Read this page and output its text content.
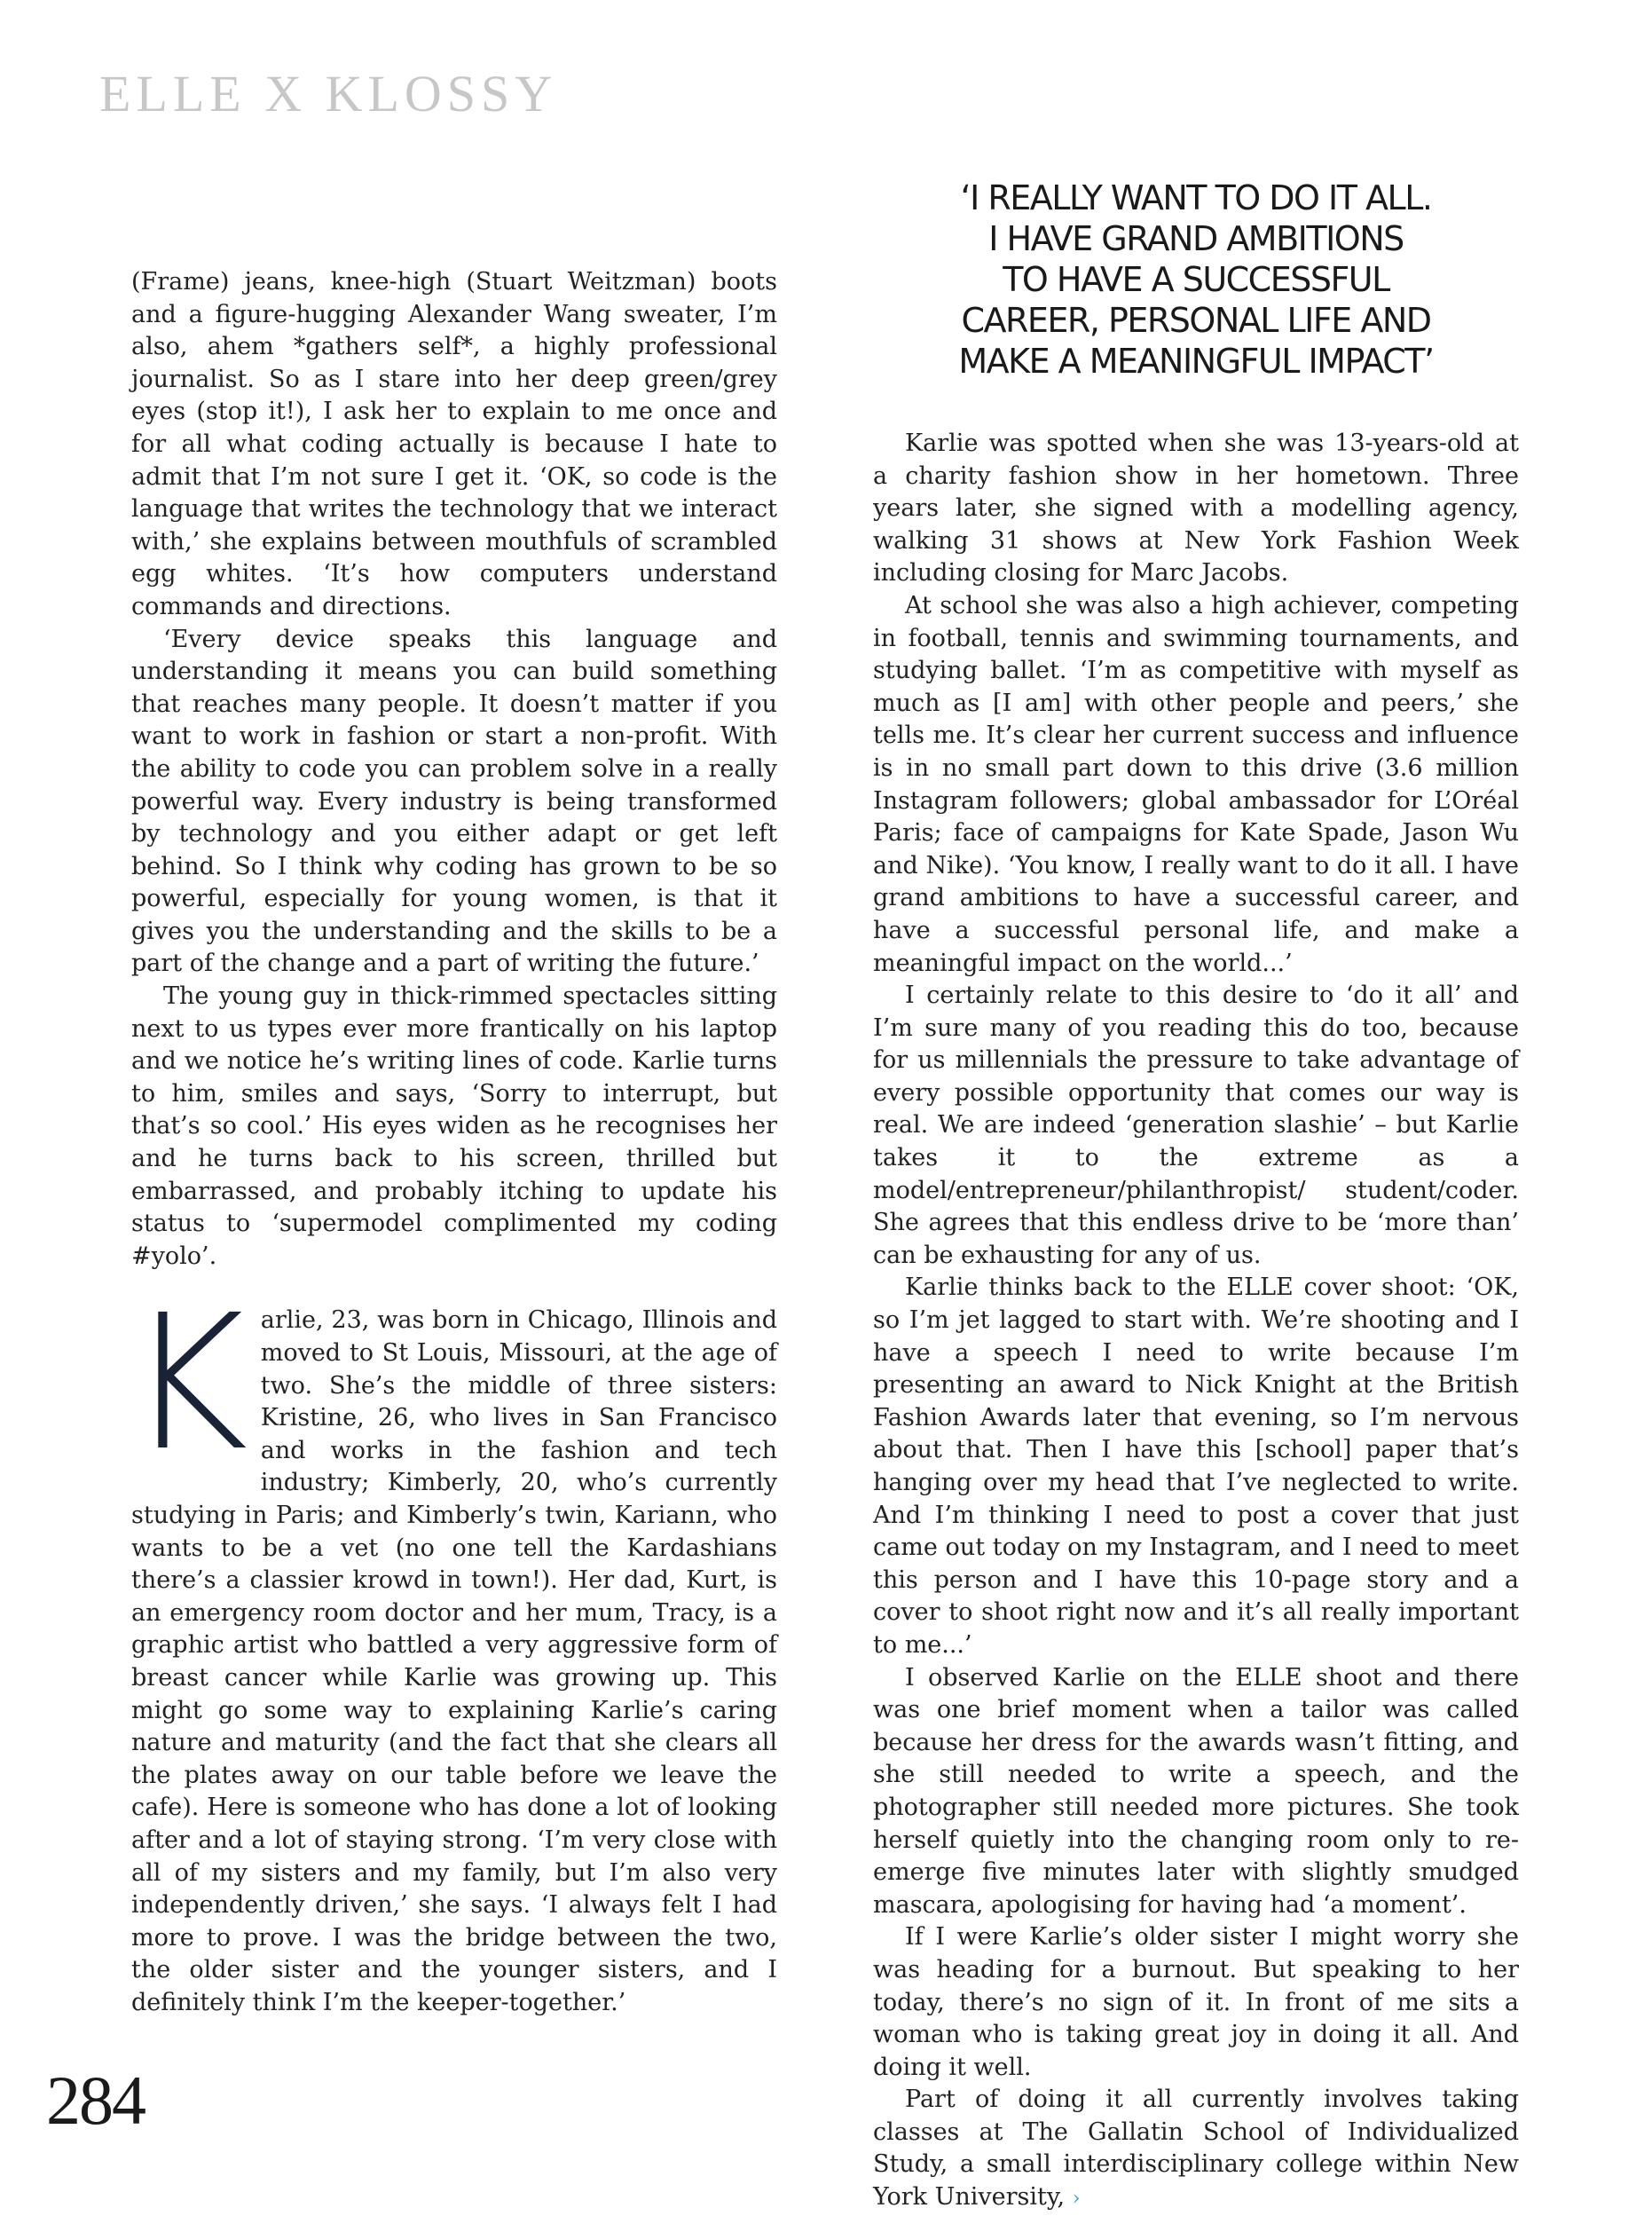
ELLE X KLOSSY
‘I REALLY WANT TO DO IT ALL.
I HAVE GRAND AMBITIONS
TO HAVE A SUCCESSFUL
CAREER, PERSONAL LIFE AND
MAKE A MEANINGFUL IMPACT’

(Frame) jeans, knee-high (Stuart Weitzman) boots and a figure-hugging Alexander Wang sweater, I’m also, ahem *gathers self*, a highly professional journalist. So as I stare into her deep green/grey eyes (stop it!), I ask her to explain to me once and for all what coding actually is because I hate to admit that I’m not sure I get it. ‘OK, so code is the language that writes the technology that we interact with,’ she explains between mouthfuls of scrambled egg whites. ‘It’s how computers understand commands and directions.

‘Every device speaks this language and understanding it means you can build something that reaches many people. It doesn’t matter if you want to work in fashion or start a non-profit. With the ability to code you can problem solve in a really powerful way. Every industry is being transformed by technology and you either adapt or get left behind. So I think why coding has grown to be so powerful, especially for young women, is that it gives you the understanding and the skills to be a part of the change and a part of writing the future.’

The young guy in thick-rimmed spectacles sitting next to us types ever more frantically on his laptop and we notice he’s writing lines of code. Karlie turns to him, smiles and says, ‘Sorry to interrupt, but that’s so cool.’ His eyes widen as he recognises her and he turns back to his screen, thrilled but embarrassed, and probably itching to update his status to ‘supermodel complimented my coding #yolo’.

Karlie, 23, was born in Chicago, Illinois and moved to St Louis, Missouri, at the age of two. She’s the middle of three sisters: Kristine, 26, who lives in San Francisco and works in the fashion and tech industry; Kimberly, 20, who’s currently studying in Paris; and Kimberly’s twin, Kariann, who wants to be a vet (no one tell the Kardashians there’s a classier krowd in town!). Her dad, Kurt, is an emergency room doctor and her mum, Tracy, is a graphic artist who battled a very aggressive form of breast cancer while Karlie was growing up. This might go some way to explaining Karlie’s caring nature and maturity (and the fact that she clears all the plates away on our table before we leave the cafe). Here is someone who has done a lot of looking after and a lot of staying strong. ‘I’m very close with all of my sisters and my family, but I’m also very independently driven,’ she says. ‘I always felt I had more to prove. I was the bridge between the two, the older sister and the younger sisters, and I definitely think I’m the keeper-together.’

Karlie was spotted when she was 13-years-old at a charity fashion show in her hometown. Three years later, she signed with a modelling agency, walking 31 shows at New York Fashion Week including closing for Marc Jacobs.

At school she was also a high achiever, competing in football, tennis and swimming tournaments, and studying ballet. ‘I’m as competitive with myself as much as [I am] with other people and peers,’ she tells me. It’s clear her current success and influence is in no small part down to this drive (3.6 million Instagram followers; global ambassador for L’Oréal Paris; face of campaigns for Kate Spade, Jason Wu and Nike). ‘You know, I really want to do it all. I have grand ambitions to have a successful career, and have a successful personal life, and make a meaningful impact on the world...’

I certainly relate to this desire to ‘do it all’ and I’m sure many of you reading this do too, because for us millennials the pressure to take advantage of every possible opportunity that comes our way is real. We are indeed ‘generation slashie’ – but Karlie takes it to the extreme as a model/entrepreneur/philanthropist/ student/coder. She agrees that this endless drive to be ‘more than’ can be exhausting for any of us.

Karlie thinks back to the ELLE cover shoot: ‘OK, so I’m jet lagged to start with. We’re shooting and I have a speech I need to write because I’m presenting an award to Nick Knight at the British Fashion Awards later that evening, so I’m nervous about that. Then I have this [school] paper that’s hanging over my head that I’ve neglected to write. And I’m thinking I need to post a cover that just came out today on my Instagram, and I need to meet this person and I have this 10-page story and a cover to shoot right now and it’s all really important to me...’

I observed Karlie on the ELLE shoot and there was one brief moment when a tailor was called because her dress for the awards wasn’t fitting, and she still needed to write a speech, and the photographer still needed more pictures. She took herself quietly into the changing room only to re-emerge five minutes later with slightly smudged mascara, apologising for having had ‘a moment’.

If I were Karlie’s older sister I might worry she was heading for a burnout. But speaking to her today, there’s no sign of it. In front of me sits a woman who is taking great joy in doing it all. And doing it well.

Part of doing it all currently involves taking classes at The Gallatin School of Individualized Study, a small interdisciplinary college within New York University, ›

284
